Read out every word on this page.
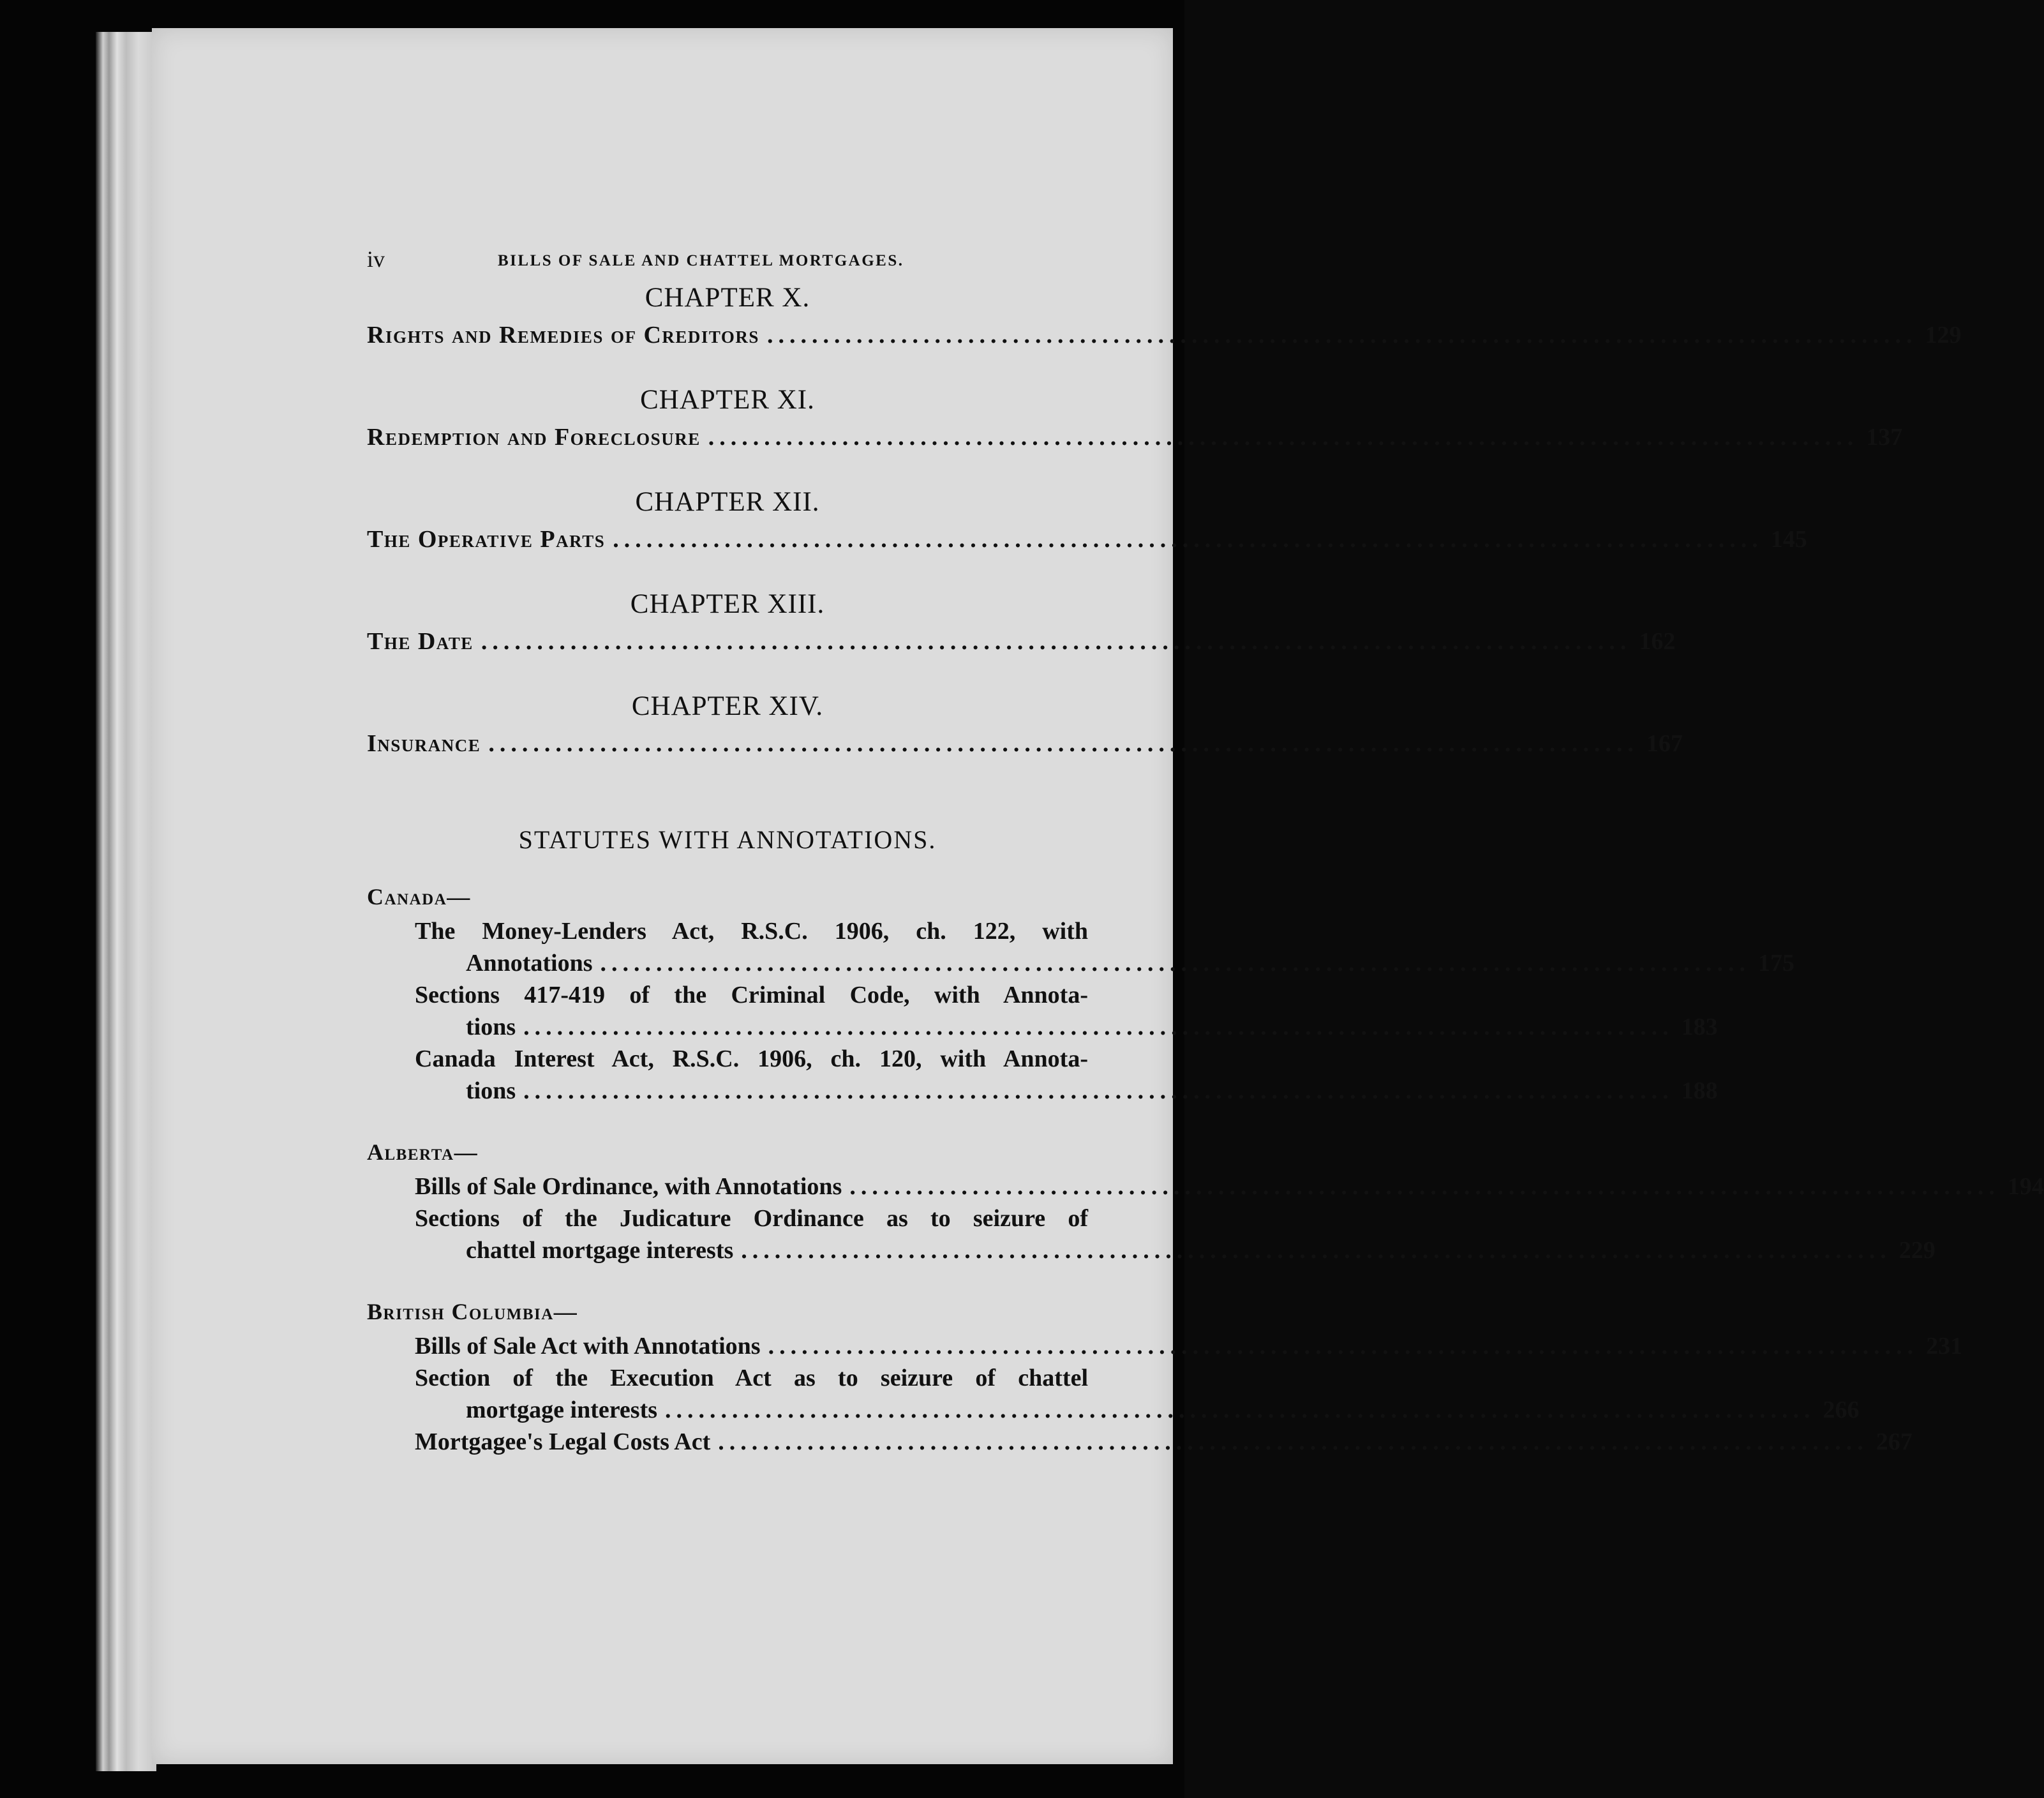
iv	BILLS OF SALE AND CHATTEL MORTGAGES.
CHAPTER X.
Rights and Remedies of Creditors ....................................................................................................... 129
CHAPTER XI.
Redemption and Foreclosure ....................................................................................................... 137
CHAPTER XII.
The Operative Parts ....................................................................................................... 145
CHAPTER XIII.
The Date ....................................................................................................... 162
CHAPTER XIV.
Insurance ....................................................................................................... 167
STATUTES WITH ANNOTATIONS.
Canada—
The Money-Lenders Act, R.S.C. 1906, ch. 122, with
Annotations ....................................................................................................... 175
Sections 417-419 of the Criminal Code, with Annota-
tions ....................................................................................................... 183
Canada Interest Act, R.S.C. 1906, ch. 120, with Annota-
tions ....................................................................................................... 188
Alberta—
Bills of Sale Ordinance, with Annotations ....................................................................................................... 194
Sections of the Judicature Ordinance as to seizure of
chattel mortgage interests ....................................................................................................... 229
British Columbia—
Bills of Sale Act with Annotations ....................................................................................................... 231
Section of the Execution Act as to seizure of chattel
mortgage interests ....................................................................................................... 266
Mortgagee's Legal Costs Act ....................................................................................................... 267
